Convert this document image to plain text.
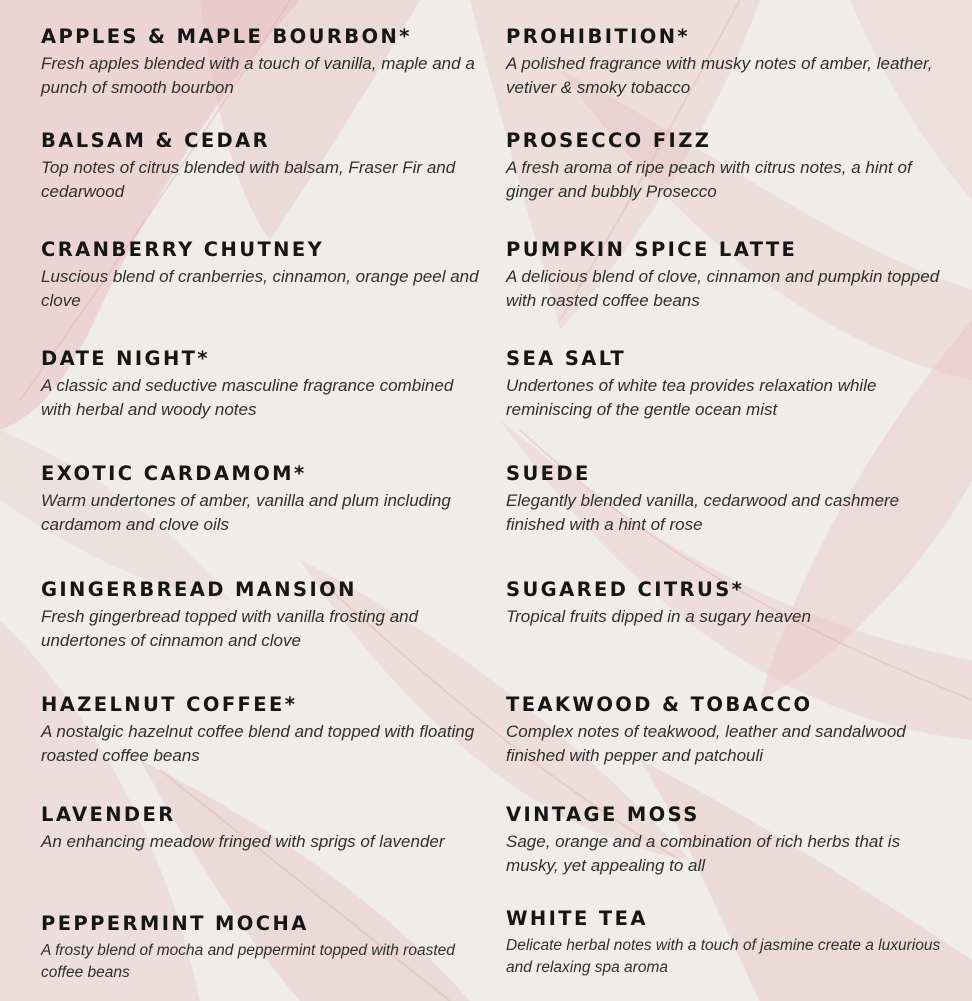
APPLES & MAPLE BOURBON*
Fresh apples blended with a touch of vanilla, maple and a punch of smooth bourbon
BALSAM & CEDAR
Top notes of citrus blended with balsam, Fraser Fir and cedarwood
CRANBERRY CHUTNEY
Luscious blend of cranberries, cinnamon, orange peel and clove
DATE NIGHT*
A classic and seductive masculine fragrance combined with herbal and woody notes
EXOTIC CARDAMOM*
Warm undertones of amber, vanilla and plum including cardamom and clove oils
GINGERBREAD MANSION
Fresh gingerbread topped with vanilla frosting and undertones of cinnamon and clove
HAZELNUT COFFEE*
A nostalgic hazelnut coffee blend and topped with floating roasted coffee beans
LAVENDER
An enhancing meadow fringed with sprigs of lavender
PEPPERMINT MOCHA
A frosty blend of mocha and peppermint topped with roasted coffee beans
PROHIBITION*
A polished fragrance with musky notes of amber, leather, vetiver & smoky tobacco
PROSECCO FIZZ
A fresh aroma of ripe peach with citrus notes, a hint of ginger and bubbly Prosecco
PUMPKIN SPICE LATTE
A delicious blend of clove, cinnamon and pumpkin topped with roasted coffee beans
SEA SALT
Undertones of white tea provides relaxation while reminiscing of the gentle ocean mist
SUEDE
Elegantly blended vanilla, cedarwood and cashmere finished with a hint of rose
SUGARED CITRUS*
Tropical fruits dipped in a sugary heaven
TEAKWOOD & TOBACCO
Complex notes of teakwood, leather and sandalwood finished with pepper and patchouli
VINTAGE MOSS
Sage, orange and a combination of rich herbs that is musky, yet appealing to all
WHITE TEA
Delicate herbal notes with a touch of jasmine create a luxurious and relaxing spa aroma
